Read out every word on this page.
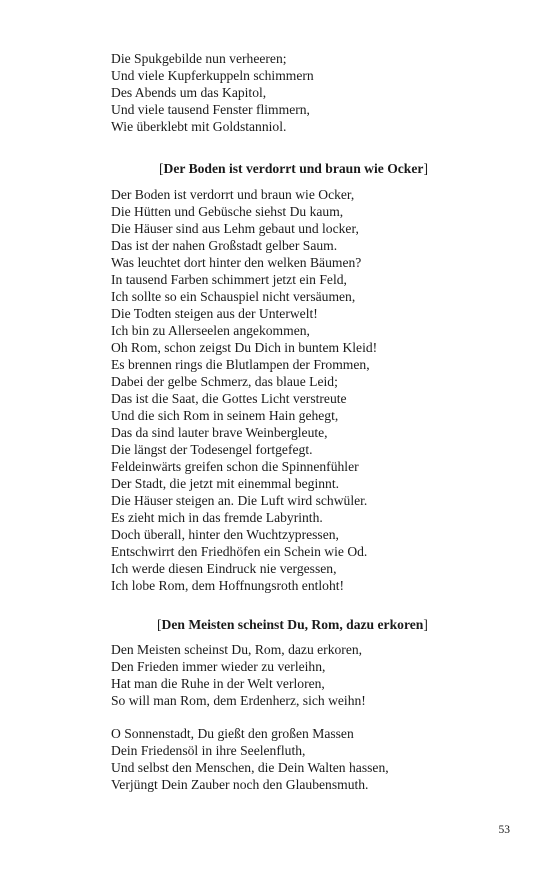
Die Spukgebilde nun verheeren;
Und viele Kupferkuppeln schimmern
Des Abends um das Kapitol,
Und viele tausend Fenster flimmern,
Wie überklebt mit Goldstanniol.
[Der Boden ist verdorrt und braun wie Ocker]
Der Boden ist verdorrt und braun wie Ocker,
Die Hütten und Gebüsche siehst Du kaum,
Die Häuser sind aus Lehm gebaut und locker,
Das ist der nahen Großstadt gelber Saum.
Was leuchtet dort hinter den welken Bäumen?
In tausend Farben schimmert jetzt ein Feld,
Ich sollte so ein Schauspiel nicht versäumen,
Die Todten steigen aus der Unterwelt!
Ich bin zu Allerseelen angekommen,
Oh Rom, schon zeigst Du Dich in buntem Kleid!
Es brennen rings die Blutlampen der Frommen,
Dabei der gelbe Schmerz, das blaue Leid;
Das ist die Saat, die Gottes Licht verstreute
Und die sich Rom in seinem Hain gehegt,
Das da sind lauter brave Weinbergleute,
Die längst der Todesengel fortgefegt.
Feldeinwärts greifen schon die Spinnenfühler
Der Stadt, die jetzt mit einemmal beginnt.
Die Häuser steigen an. Die Luft wird schwüler.
Es zieht mich in das fremde Labyrinth.
Doch überall, hinter den Wuchtzypressen,
Entschwirrt den Friedhöfen ein Schein wie Od.
Ich werde diesen Eindruck nie vergessen,
Ich lobe Rom, dem Hoffnungsroth entloht!
[Den Meisten scheinst Du, Rom, dazu erkoren]
Den Meisten scheinst Du, Rom, dazu erkoren,
Den Frieden immer wieder zu verleihn,
Hat man die Ruhe in der Welt verloren,
So will man Rom, dem Erdenherz, sich weihn!
O Sonnenstadt, Du gießt den großen Massen
Dein Friedensöl in ihre Seelenfluth,
Und selbst den Menschen, die Dein Walten hassen,
Verjüngt Dein Zauber noch den Glaubensmuth.
53
